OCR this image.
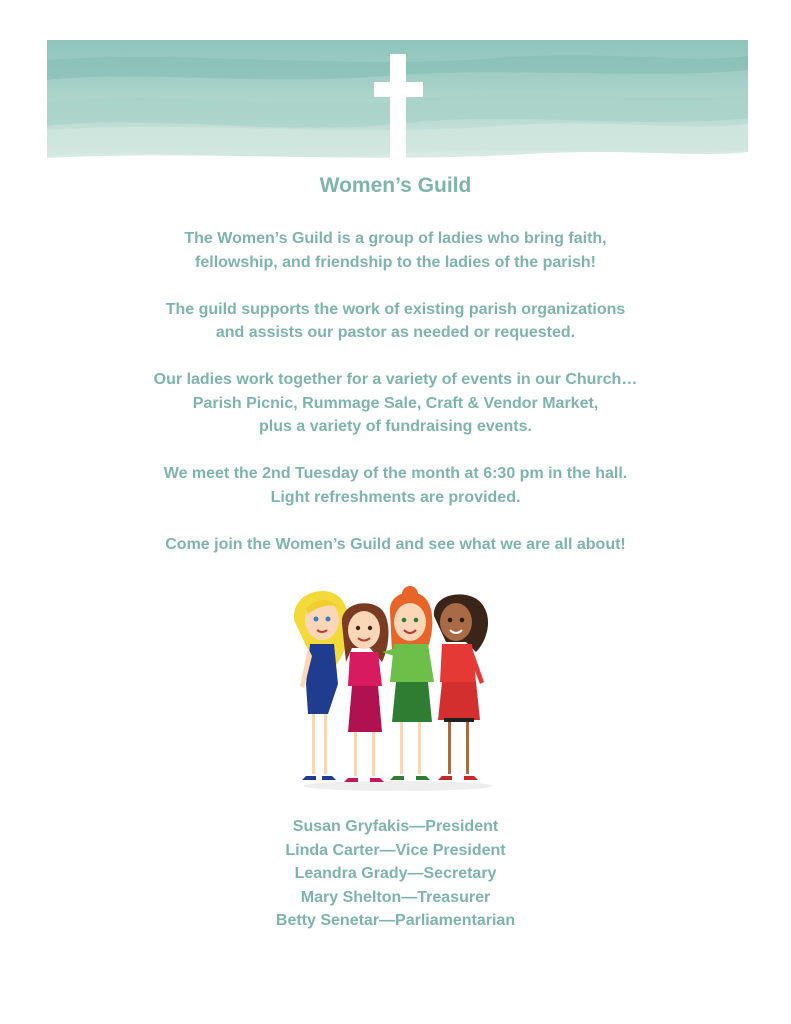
Women’s Guild

The Women’s Guild is a group of ladies who bring faith,
fellowship, and friendship to the ladies of the parish!

The guild supports the work of existing parish organizations
and assists our pastor as needed or requested.

Our ladies work together for a variety of events in our Church…
Parish Picnic, Rummage Sale, Craft & Vendor Market,
plus a variety of fundraising events.

We meet the 2nd Tuesday of the month at 6:30 pm in the hall.
Light refreshments are provided.

Come join the Women’s Guild and see what we are all about!

Susan Gryfakis—President
Linda Carter—Vice President
Leandra Grady—Secretary
Mary Shelton—Treasurer
Betty Senetar—Parliamentarian
